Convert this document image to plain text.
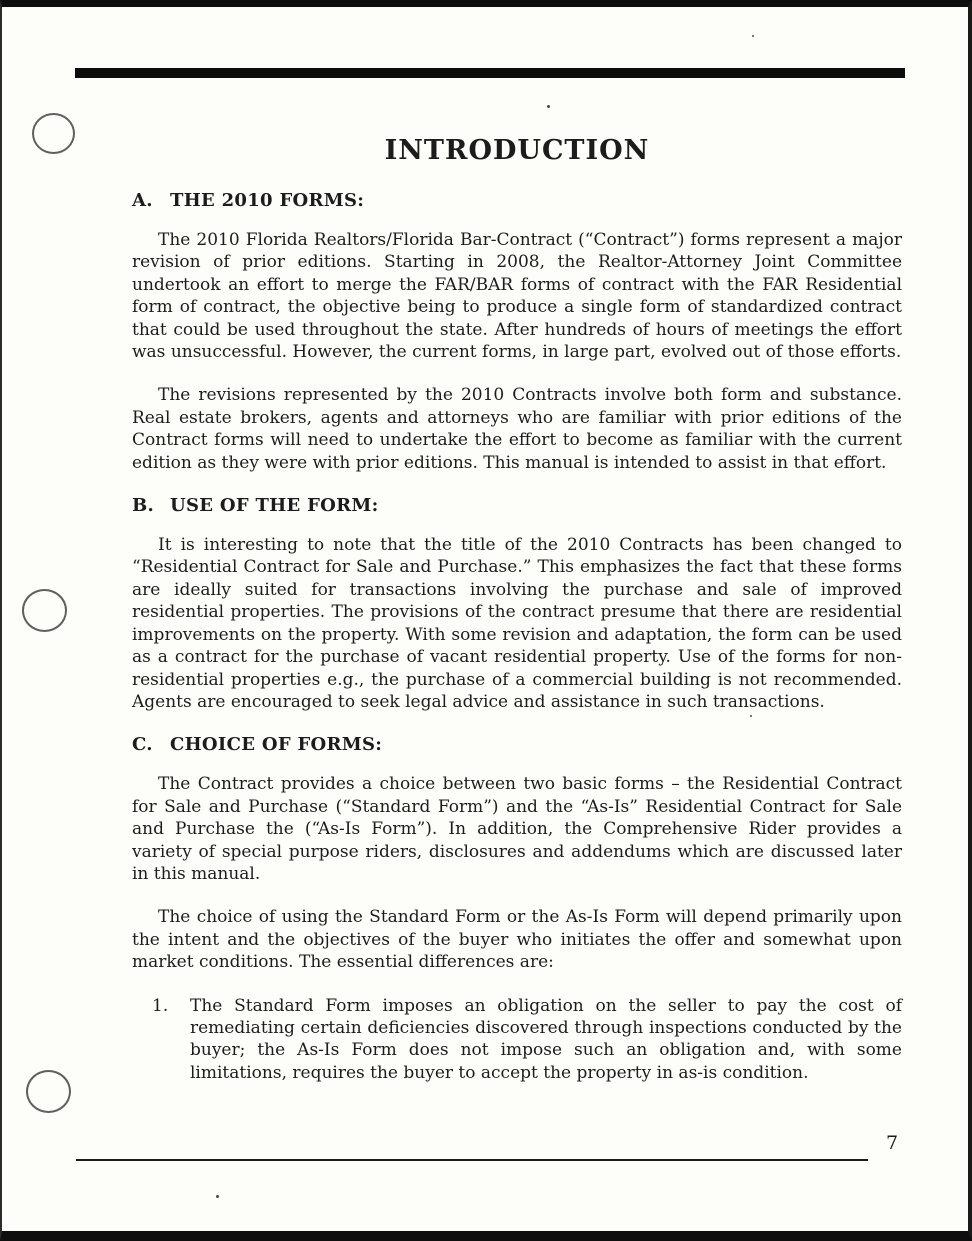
INTRODUCTION
A. THE 2010 FORMS:

The 2010 Florida Realtors/Florida Bar-Contract (“Contract”) forms represent a major revision of prior editions. Starting in 2008, the Realtor-Attorney Joint Committee undertook an effort to merge the FAR/BAR forms of contract with the FAR Residential form of contract, the objective being to produce a single form of standardized contract that could be used throughout the state. After hundreds of hours of meetings the effort was unsuccessful. However, the current forms, in large part, evolved out of those efforts.

The revisions represented by the 2010 Contracts involve both form and substance. Real estate brokers, agents and attorneys who are familiar with prior editions of the Contract forms will need to undertake the effort to become as familiar with the current edition as they were with prior editions. This manual is intended to assist in that effort.

B. USE OF THE FORM:

It is interesting to note that the title of the 2010 Contracts has been changed to “Residential Contract for Sale and Purchase.” This emphasizes the fact that these forms are ideally suited for transactions involving the purchase and sale of improved residential properties. The provisions of the contract presume that there are residential improvements on the property. With some revision and adaptation, the form can be used as a contract for the purchase of vacant residential property. Use of the forms for non-residential properties e.g., the purchase of a commercial building is not recommended. Agents are encouraged to seek legal advice and assistance in such transactions.

C. CHOICE OF FORMS:

The Contract provides a choice between two basic forms – the Residential Contract for Sale and Purchase (“Standard Form”) and the “As-Is” Residential Contract for Sale and Purchase the (“As-Is Form”). In addition, the Comprehensive Rider provides a variety of special purpose riders, disclosures and addendums which are discussed later in this manual.

The choice of using the Standard Form or the As-Is Form will depend primarily upon the intent and the objectives of the buyer who initiates the offer and somewhat upon market conditions. The essential differences are:

1.	The Standard Form imposes an obligation on the seller to pay the cost of remediating certain deficiencies discovered through inspections conducted by the buyer; the As-Is Form does not impose such an obligation and, with some limitations, requires the buyer to accept the property in as-is condition.
7
